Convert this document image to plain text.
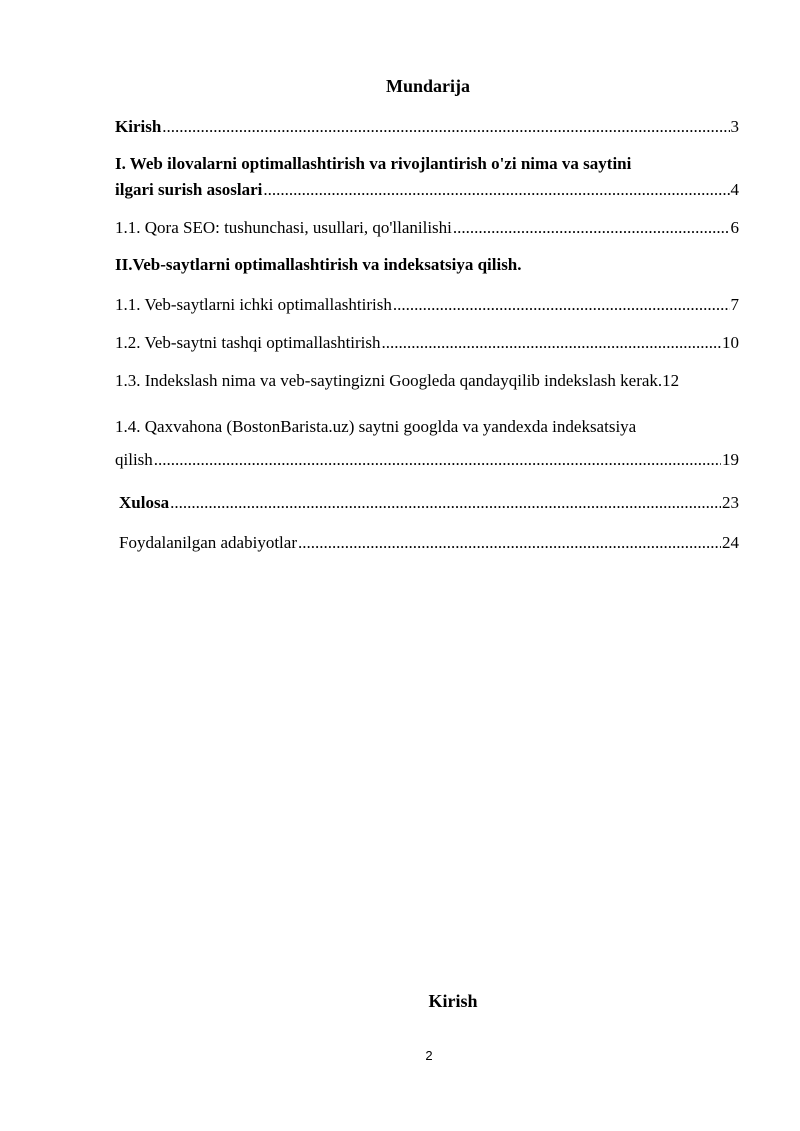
Mundarija
Kirish .....	3
I. Web ilovalarni optimallashtirish va rivojlantirish o'zi nima va saytini
ilgari surish asoslari .....	4
1.1. Qora SEO: tushunchasi, usullari, qo'llanilishi .....	6
II.Veb-saytlarni optimallashtirish va indeksatsiya qilish.
1.1. Veb-saytlarni ichki optimallashtirish .....	7
1.2. Veb-saytni tashqi optimallashtirish .....	10
1.3. Indekslash nima va veb-saytingizni Googleda qandayqilib indekslash kerak. 12
1.4. Qaxvahona (BostonBarista.uz) saytni googlda va yandexda indeksatsiya
qilish .....	19
Xulosa .....	23
Foydalanilgan adabiyotlar .....	24
Kirish
2
